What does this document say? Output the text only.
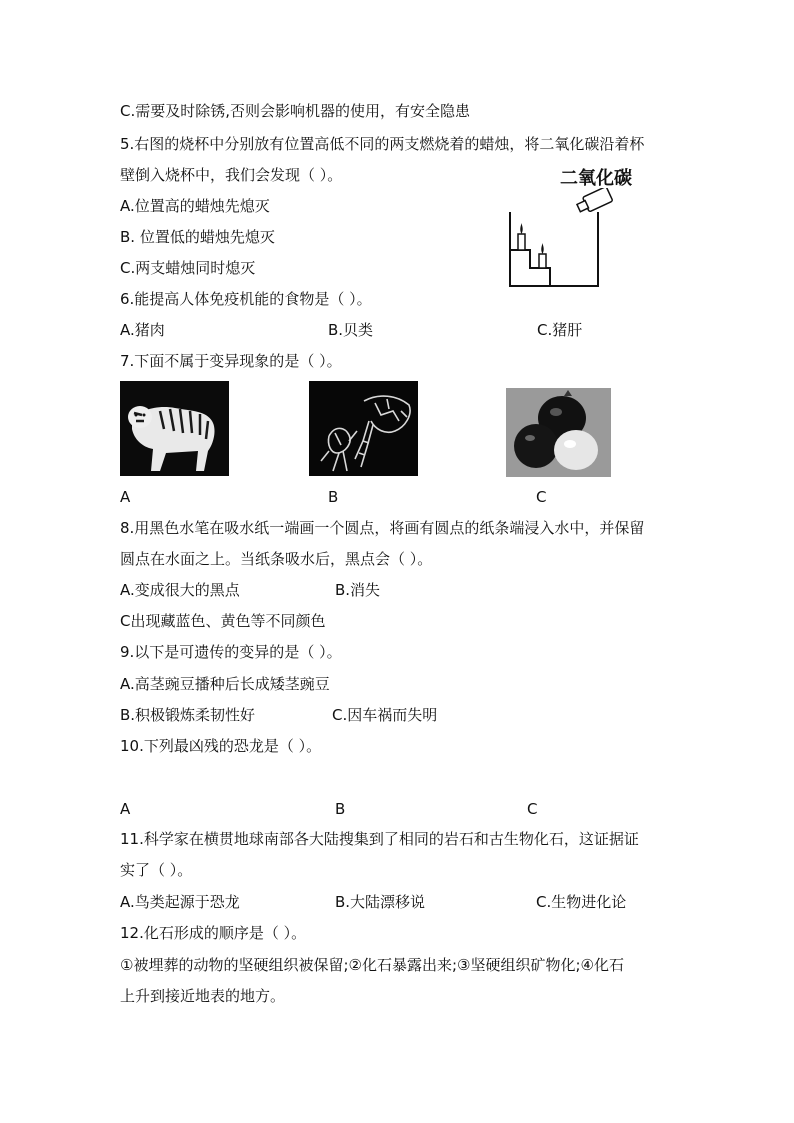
C.需要及时除锈,否则会影响机器的使用，有安全隐患
5.右图的烧杯中分别放有位置高低不同的两支燃烧着的蜡烛，将二氧化碳沿着杯
壁倒入烧杯中，我们会发现（ ）。
A.位置高的蜡烛先熄灭
B. 位置低的蜡烛先熄灭
C.两支蜡烛同时熄灭
二氧化碳
6.能提高人体免疫机能的食物是（ ）。
A.猪肉	B.贝类	C.猪肝
7.下面不属于变异现象的是（ ）。
A	B	C
8.用黑色水笔在吸水纸一端画一个圆点，将画有圆点的纸条端浸入水中，并保留
圆点在水面之上。当纸条吸水后，黑点会（ ）。
A.变成很大的黑点	B.消失
C出现藏蓝色、黄色等不同颜色
9.以下是可遗传的变异的是（ ）。
A.高茎豌豆播种后长成矮茎豌豆
B.积极锻炼柔韧性好	C.因车祸而失明
10.下列最凶残的恐龙是（ ）。
A	B	C
11.科学家在横贯地球南部各大陆搜集到了相同的岩石和古生物化石，这证据证
实了（ ）。
A.鸟类起源于恐龙	B.大陆漂移说	C.生物进化论
12.化石形成的顺序是（ ）。
①被埋葬的动物的坚硬组织被保留;②化石暴露出来;③坚硬组织矿物化;④化石
上升到接近地表的地方。
